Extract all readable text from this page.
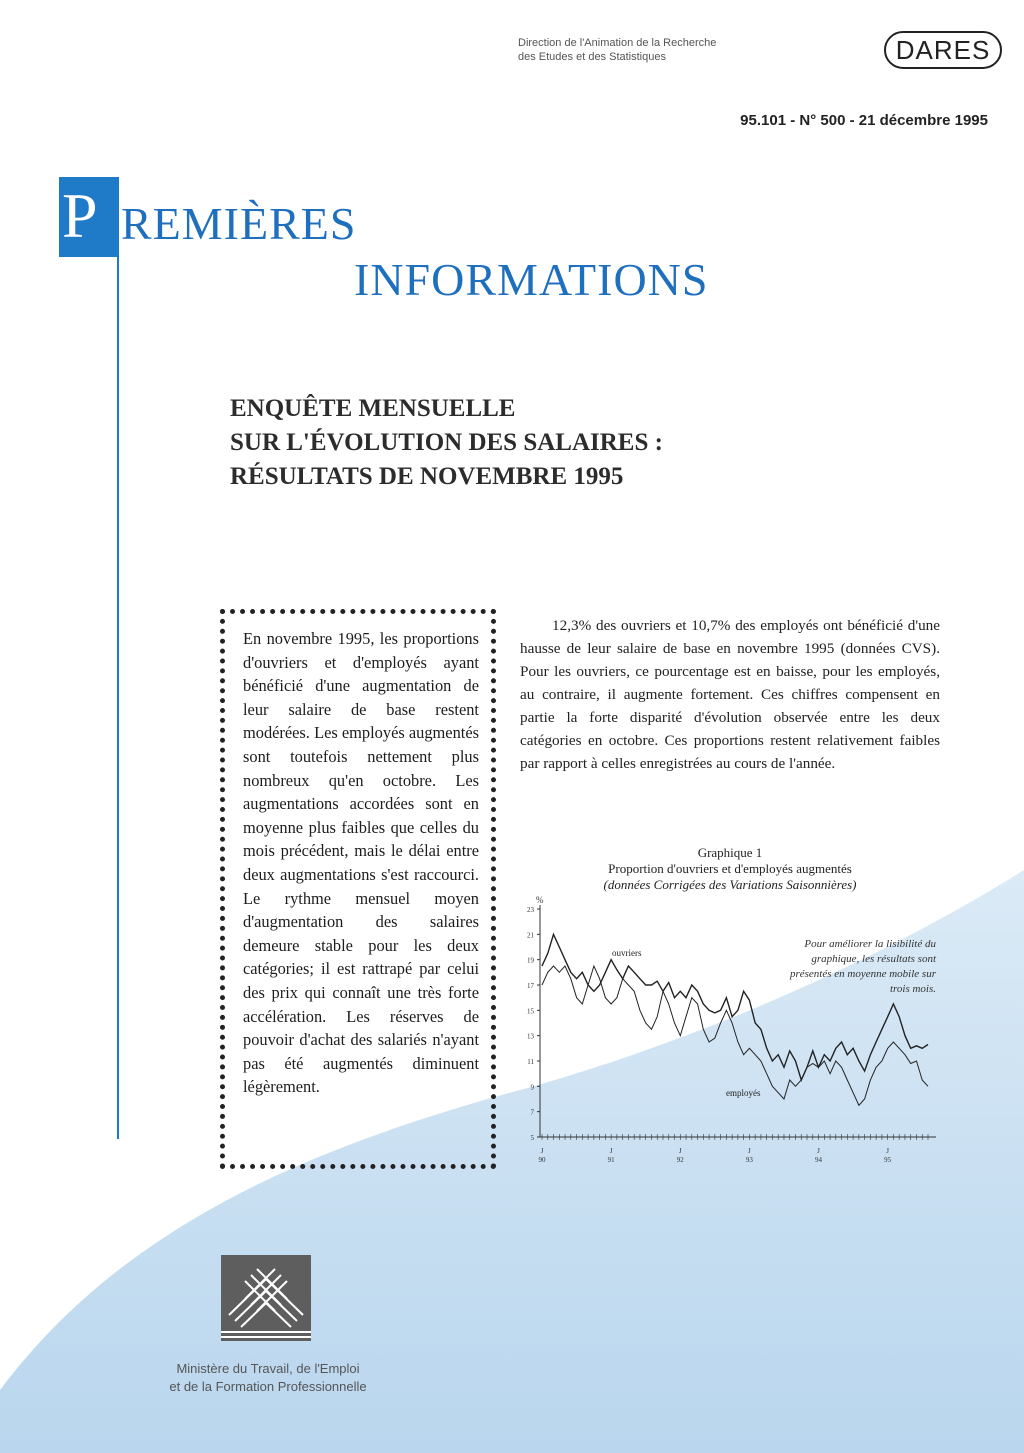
Direction de l'Animation de la Recherche
des Etudes et des Statistiques	DARES
95.101 - N° 500 - 21 décembre 1995
P REMIÈRES
INFORMATIONS
ENQUÊTE MENSUELLE
SUR L'ÉVOLUTION DES SALAIRES :
RÉSULTATS DE NOVEMBRE 1995
En novembre 1995, les proportions d'ouvriers et d'employés ayant bénéficié d'une augmentation de leur salaire de base restent modérées. Les employés augmentés sont toutefois nettement plus nombreux qu'en octobre. Les augmentations accordées sont en moyenne plus faibles que celles du mois précédent, mais le délai entre deux augmentations s'est raccourci. Le rythme mensuel moyen d'augmentation des salaires demeure stable pour les deux catégories; il est rattrapé par celui des prix qui connaît une très forte accélération. Les réserves de pouvoir d'achat des salariés n'ayant pas été augmentés diminuent légèrement.
12,3% des ouvriers et 10,7% des employés ont bénéficié d'une hausse de leur salaire de base en novembre 1995 (données CVS). Pour les ouvriers, ce pourcentage est en baisse, pour les employés, au contraire, il augmente fortement. Ces chiffres compensent en partie la forte disparité d'évolution observée entre les deux catégories en octobre. Ces proportions restent relativement faibles par rapport à celles enregistrées au cours de l'année.
Graphique 1
Proportion d'ouvriers et d'employés augmentés
(données Corrigées des Variations Saisonnières)
%
5
7
9
11
13
15
17
19
21
23
J 90
J 91
J 92
J 93
J 94
J 95
ouvriers
employés
Pour améliorer la lisibilité du graphique, les résultats sont présentés en moyenne mobile sur trois mois.
Ministère du Travail, de l'Emploi
et de la Formation Professionnelle
